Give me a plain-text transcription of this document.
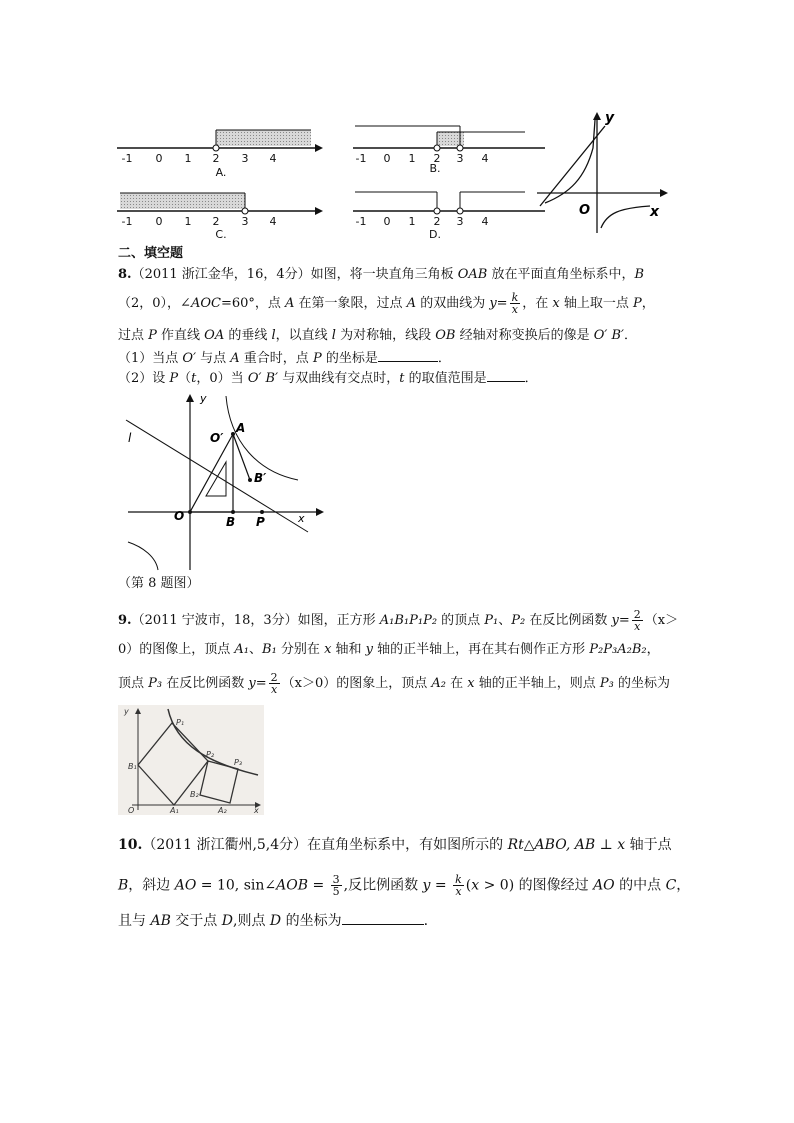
-1 0 1 2 3 4
A.
-1 0 1 2 3 4
B.
-1 0 1 2 3 4
C.
-1 0 1 2 3 4
D.
y
x
O
二、填空题
8.（2011 浙江金华，16，4分）如图，将一块直角三角板 OAB 放在平面直角坐标系中，B
（2，0），∠AOC=60°，点 A 在第一象限，过点 A 的双曲线为 $y= \frac{k}{x}$ ，在 x 轴上取一点 P，
过点 P 作直线 OA 的垂线 l，以直线 l 为对称轴，线段 OB 经轴对称变换后的像是 O′ B′．
（1）当点 O′ 与点 A 重合时，点 P 的坐标是	．
（2）设 P（t，0）当 O′ B′ 与双曲线有交点时，t 的取值范围是	．
y
x
l
O	B P
A
O′
B′
（第 8 题图）
9.（2011 宁波市，18，3分）如图，正方形 A₁B₁P₁P₂ 的顶点 P₁、P₂ 在反比例函数 $y= \frac{2}{x} (x>$
0）的图像上，顶点 A₁、B₁ 分别在 x 轴和 y 轴的正半轴上，再在其右侧作正方形 P₂P₃A₂B₂，
顶点 P₃ 在反比例函数 $y= \frac{2}{x} (x>0)$的图象上，顶点 A₂ 在 x 轴的正半轴上，则点 P₃ 的坐标为
y
x
O
P₁
P₂
P₃
B₁
B₂
A₁	A₂
10.（2011 浙江衢州,5,4分）在直角坐标系中，有如图所示的 Rt△ABO, AB ⊥ x 轴于点
B，斜边 AO = 10, sin∠AOB = $\frac{3}{5}$ ,反比例函数 $y = \frac{k}{x} (x > 0)$ 的图像经过 AO 的中点 C，
且与 AB 交于点 D,则点 D 的坐标为	.
